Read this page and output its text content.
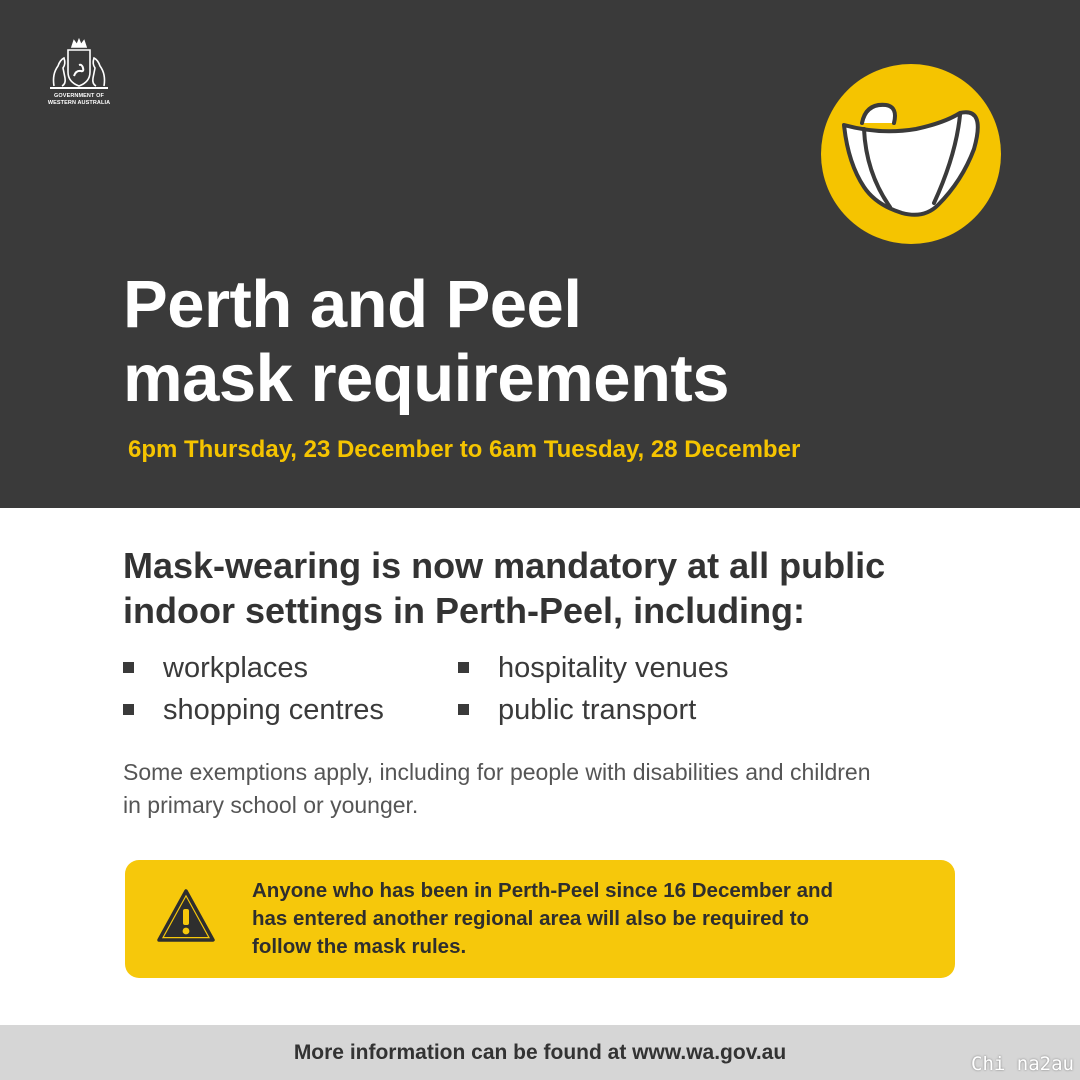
GOVERNMENT OF
WESTERN AUSTRALIA
Perth and Peel
mask requirements
6pm Thursday, 23 December to 6am Tuesday, 28 December
Mask-wearing is now mandatory at all public
indoor settings in Perth-Peel, including:
workplaces
shopping centres
hospitality venues
public transport
Some exemptions apply, including for people with disabilities and children
in primary school or younger.
Anyone who has been in Perth-Peel since 16 December and
has entered another regional area will also be required to
follow the mask rules.
More information can be found at www.wa.gov.au	Chi na2au
